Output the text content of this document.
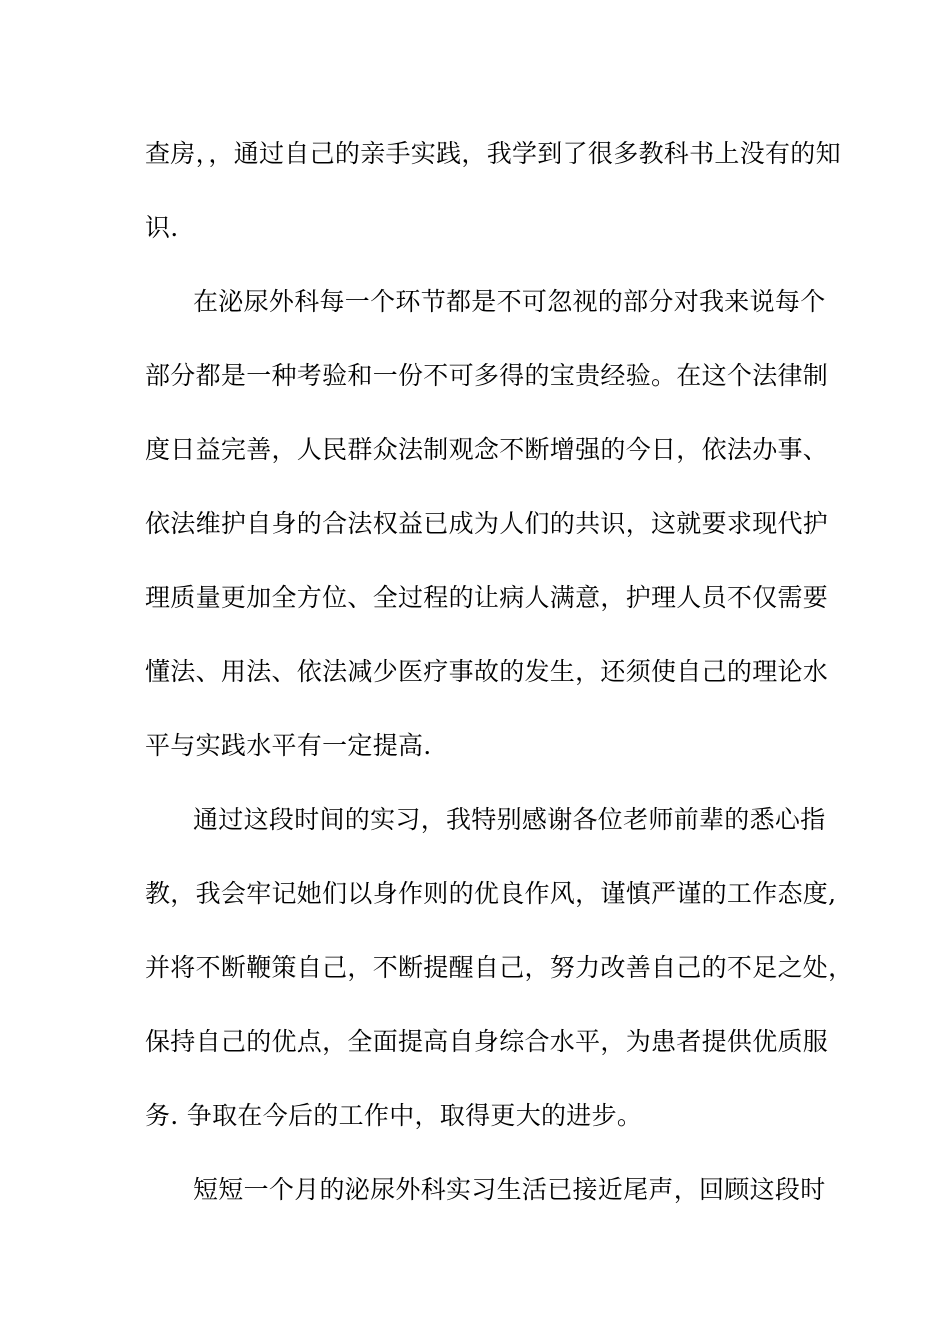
查房，，通过自己的亲手实践，我学到了很多教科书上没有的知
识.
在泌尿外科每一个环节都是不可忽视的部分对我来说每个
部分都是一种考验和一份不可多得的宝贵经验。在这个法律制
度日益完善，人民群众法制观念不断增强的今日，依法办事、
依法维护自身的合法权益已成为人们的共识，这就要求现代护
理质量更加全方位、全过程的让病人满意，护理人员不仅需要
懂法、用法、依法减少医疗事故的发生，还须使自己的理论水
平与实践水平有一定提高.
通过这段时间的实习，我特别感谢各位老师前辈的悉心指
教，我会牢记她们以身作则的优良作风，谨慎严谨的工作态度,
并将不断鞭策自己，不断提醒自己，努力改善自己的不足之处，
保持自己的优点，全面提高自身综合水平，为患者提供优质服
务. 争取在今后的工作中，取得更大的进步。
短短一个月的泌尿外科实习生活已接近尾声，回顾这段时
